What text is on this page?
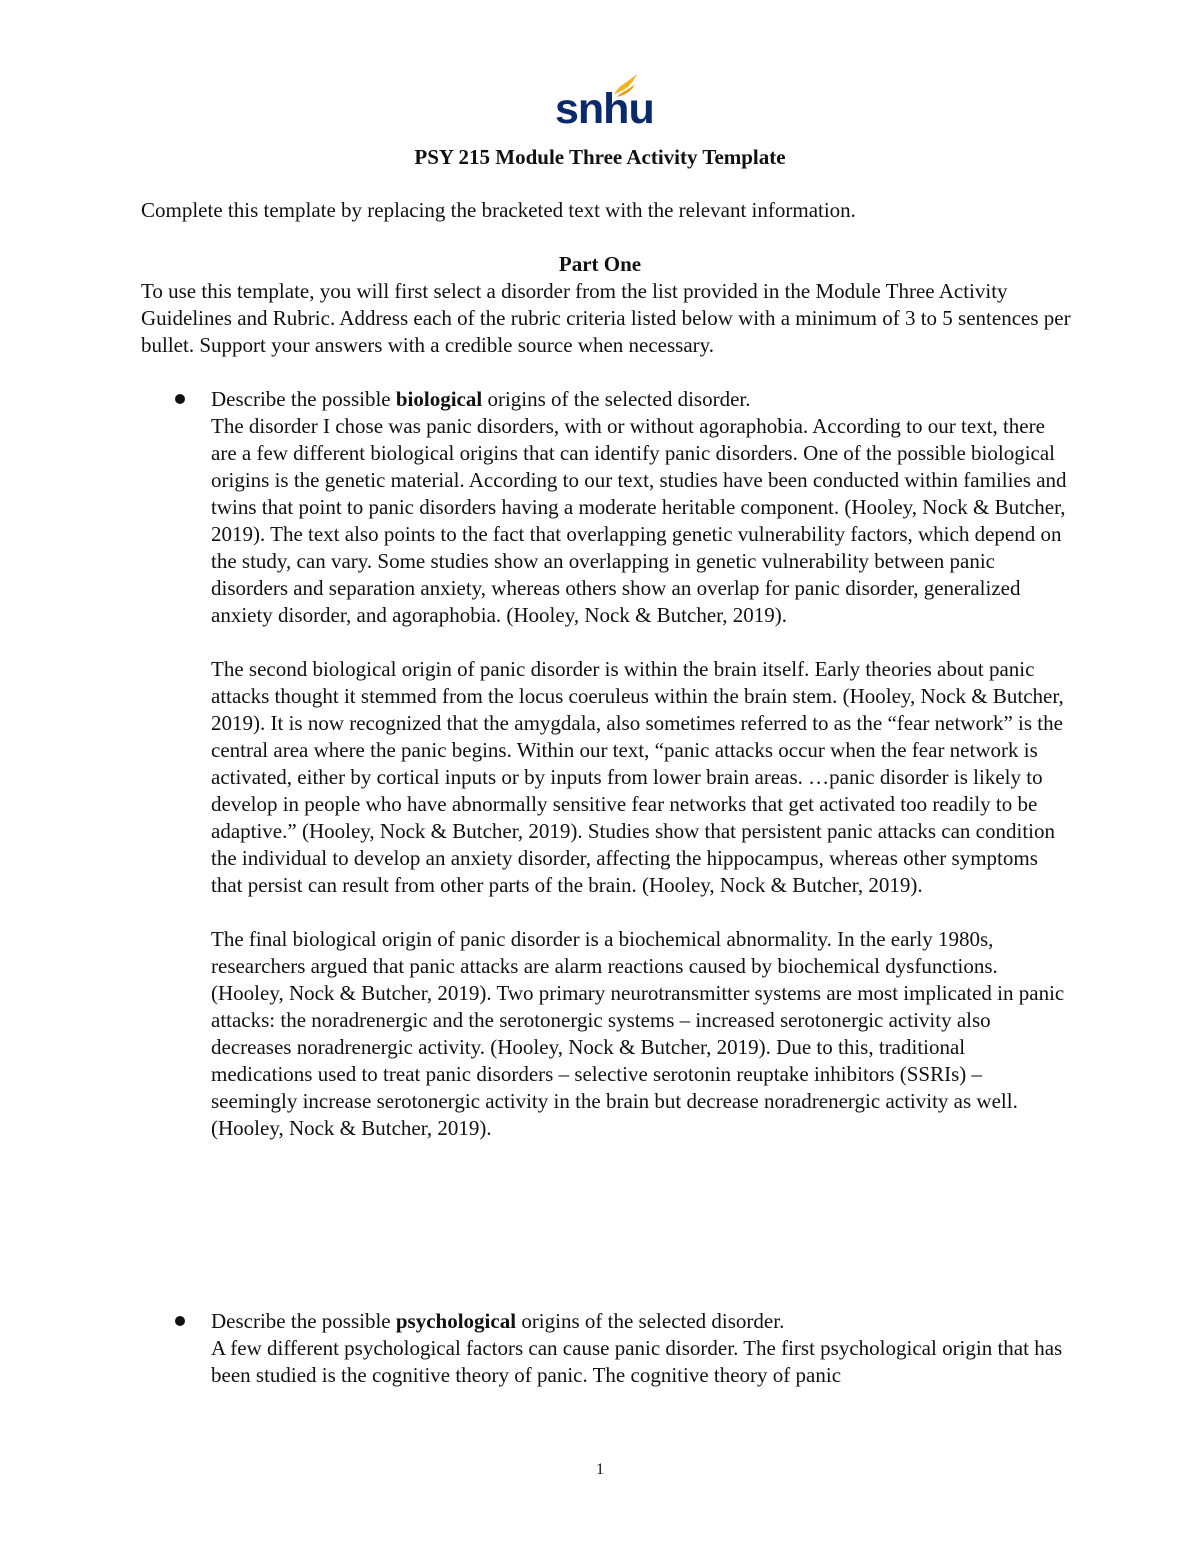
snhu
PSY 215 Module Three Activity Template
Complete this template by replacing the bracketed text with the relevant information.
Part One
To use this template, you will first select a disorder from the list provided in the Module Three Activity Guidelines and Rubric. Address each of the rubric criteria listed below with a minimum of 3 to 5 sentences per bullet. Support your answers with a credible source when necessary.
Describe the possible biological origins of the selected disorder.

The disorder I chose was panic disorders, with or without agoraphobia. According to our text, there are a few different biological origins that can identify panic disorders. One of the possible biological origins is the genetic material. According to our text, studies have been conducted within families and twins that point to panic disorders having a moderate heritable component. (Hooley, Nock & Butcher, 2019). The text also points to the fact that overlapping genetic vulnerability factors, which depend on the study, can vary. Some studies show an overlapping in genetic vulnerability between panic disorders and separation anxiety, whereas others show an overlap for panic disorder, generalized anxiety disorder, and agoraphobia. (Hooley, Nock & Butcher, 2019).

The second biological origin of panic disorder is within the brain itself. Early theories about panic attacks thought it stemmed from the locus coeruleus within the brain stem. (Hooley, Nock & Butcher, 2019). It is now recognized that the amygdala, also sometimes referred to as the “fear network” is the central area where the panic begins. Within our text, “panic attacks occur when the fear network is activated, either by cortical inputs or by inputs from lower brain areas. …panic disorder is likely to develop in people who have abnormally sensitive fear networks that get activated too readily to be adaptive.” (Hooley, Nock & Butcher, 2019). Studies show that persistent panic attacks can condition the individual to develop an anxiety disorder, affecting the hippocampus, whereas other symptoms that persist can result from other parts of the brain. (Hooley, Nock & Butcher, 2019).

The final biological origin of panic disorder is a biochemical abnormality. In the early 1980s, researchers argued that panic attacks are alarm reactions caused by biochemical dysfunctions. (Hooley, Nock & Butcher, 2019). Two primary neurotransmitter systems are most implicated in panic attacks: the noradrenergic and the serotonergic systems – increased serotonergic activity also decreases noradrenergic activity. (Hooley, Nock & Butcher, 2019). Due to this, traditional medications used to treat panic disorders – selective serotonin reuptake inhibitors (SSRIs) – seemingly increase serotonergic activity in the brain but decrease noradrenergic activity as well. (Hooley, Nock & Butcher, 2019).

Describe the possible psychological origins of the selected disorder.

A few different psychological factors can cause panic disorder. The first psychological origin that has been studied is the cognitive theory of panic. The cognitive theory of panic

1
